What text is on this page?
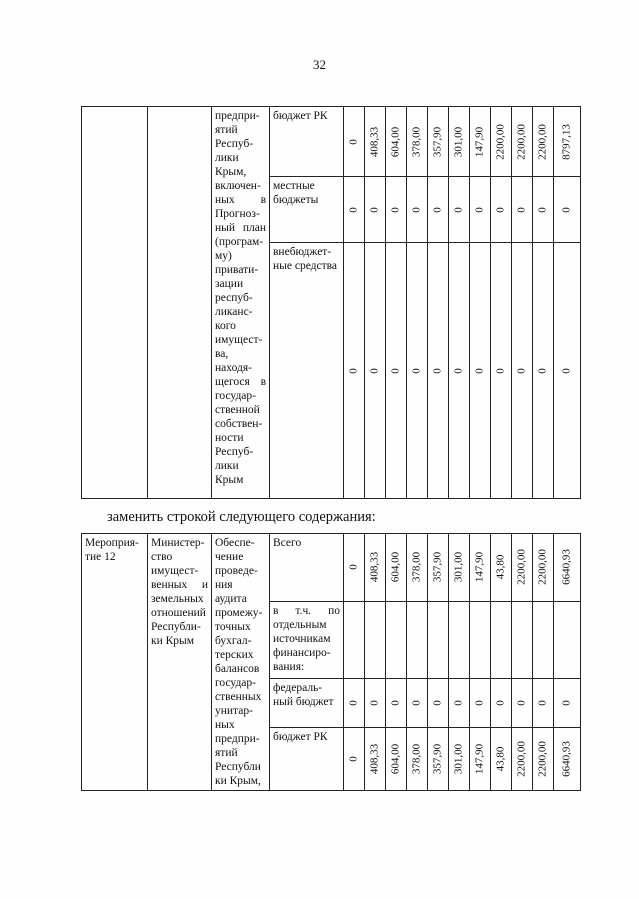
32
		предпри-ятий Респуб-лики Крым, включен-ных в Прогноз-ный план (програм-му) привати-зации респуб-ликанс-кого имущест-ва, находя-щегося в государ-ственной собствен-ности Респуб-лики Крым	бюджет РК	0	408,33	604,00	378,00	357,90	301,00	147,90	2200,00	2200,00	2200,00	8797,13

			местные бюджеты	0	0	0	0	0	0	0	0	0	0	0

			внебюджет-ные средства	0	0	0	0	0	0	0	0	0	0	0
заменить строкой следующего содержания:
Мероприя-тие 12	Министер-ство имущест-венных и земельных отношений Республи-ки Крым	Обеспе-чение проведе-ния аудита промежу-точных бухгал-терских балансов государ-ственных унитар-ных предпри-ятий Республи ки Крым,	Всего	0	408,33	604,00	378,00	357,90	301,00	147,90	43,80	2200,00	2200,00	6640,93

			в т.ч. по отдельным источникам финансиро-вания:	

			федераль-ный бюджет	0	0	0	0	0	0	0	0	0	0	0

			бюджет РК	0	408,33	604,00	378,00	357,90	301,00	147,90	43,80	2200,00	2200,00	6640,93
